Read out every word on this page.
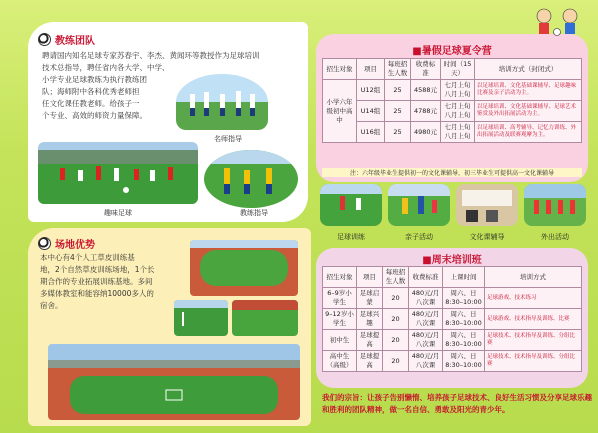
教练团队
聘请国内知名足球专家苏春宇、李杰、黄闻环等教授作为足球培训
技术总指导，聘任省内各大学、中学、
小学专业足球教练为执行教练团
队；海师附中各科优秀老师担
任文化课任教老师。给孩子一
个专业、高效的师资力量保障。
名师指导
趣味足球	教练指导
场地优势
本中心有4个人工草皮训练基
地，2个自然草皮训练场地，1个长
期合作的专业拓展训练基地。多间
多媒体教室和能容纳10000多人的
宿舍。
■暑假足球夏令营
招生对象	项目	每班招生人数	收费标准	时间（15天）	培训方式（封闭式）
小学六年级初中高中	U12组	25	4588元	七月上旬八月上旬	以足球培训、文化基础课辅导、足球趣味比赛及亲子活动为主。
	U14组	25	4788元	七月上旬八月上旬	以足球培训、文化基础课辅导、足球艺术鉴赏及外出拓展活动为主。
	U16组	25	4980元	七月上旬八月上旬	以足球培训、高考辅导、记忆力训练、外出拓展活动及联赛观摩为主。
注：六年级毕业生提供初一的文化课辅导，初三毕业生可提供高一文化课辅导
足球训练	亲子活动	文化课辅导	外出活动
■周末培训班
招生对象	项目	每班招生人数	收费标准	上课时间	培训方式
6–9岁小学生	足球启蒙	20	480元/月八次课	周六、日 8:30–10:00	足球游戏、技术练习
9–12岁小学生	足球兴趣	20	480元/月八次课	周六、日 8:30–10:00	足球游戏、技术指导及训练、比赛
初中生	足球提高	20	480元/月八次课	周六、日 8:30–10:00	足球技术、技术指导及训练、分组比赛
高中生（高级）	足球提高	20	480元/月八次课	周六、日 8:30–10:00	足球技术、技术指导及训练、分组比赛
我们的宗旨：让孩子告别懒惰、培养孩子足球技术、良好生活习惯及分享足球乐趣和胜利的团队精神，做一名自信、勇敢及阳光的青少年。
